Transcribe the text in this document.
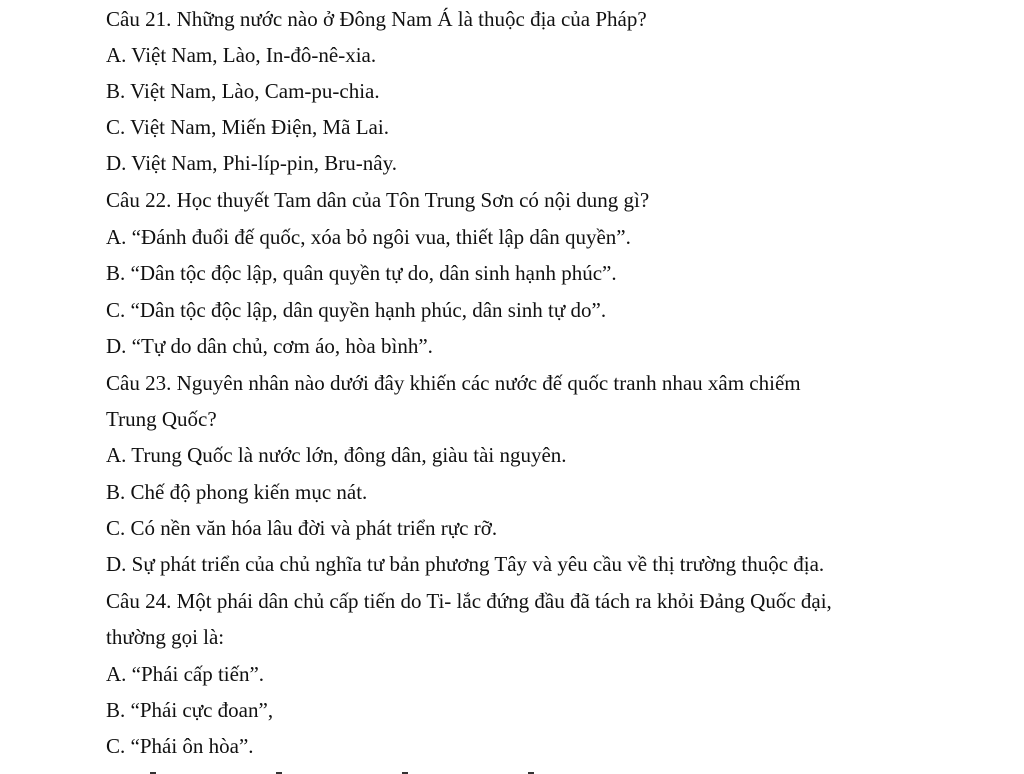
Câu 21. Những nước nào ở Đông Nam Á là thuộc địa của Pháp?
A. Việt Nam, Lào, In-đô-nê-xia.
B. Việt Nam, Lào, Cam-pu-chia.
C. Việt Nam, Miến Điện, Mã Lai.
D. Việt Nam, Phi-líp-pin, Bru-nây.
Câu 22. Học thuyết Tam dân của Tôn Trung Sơn có nội dung gì?
A. “Đánh đuổi đế quốc, xóa bỏ ngôi vua, thiết lập dân quyền”.
B. “Dân tộc độc lập, quân quyền tự do, dân sinh hạnh phúc”.
C. “Dân tộc độc lập, dân quyền hạnh phúc, dân sinh tự do”.
D. “Tự do dân chủ, cơm áo, hòa bình”.
Câu 23. Nguyên nhân nào dưới đây khiến các nước đế quốc tranh nhau xâm chiếm
Trung Quốc?
A. Trung Quốc là nước lớn, đông dân, giàu tài nguyên.
B. Chế độ phong kiến mục nát.
C. Có nền văn hóa lâu đời và phát triển rực rỡ.
D. Sự phát triển của chủ nghĩa tư bản phương Tây và yêu cầu về thị trường thuộc địa.
Câu 24. Một phái dân chủ cấp tiến do Ti- lắc đứng đầu đã tách ra khỏi Đảng Quốc đại,
thường gọi là:
A. “Phái cấp tiến”.
B. “Phái cực đoan”,
C. “Phái ôn hòa”.
